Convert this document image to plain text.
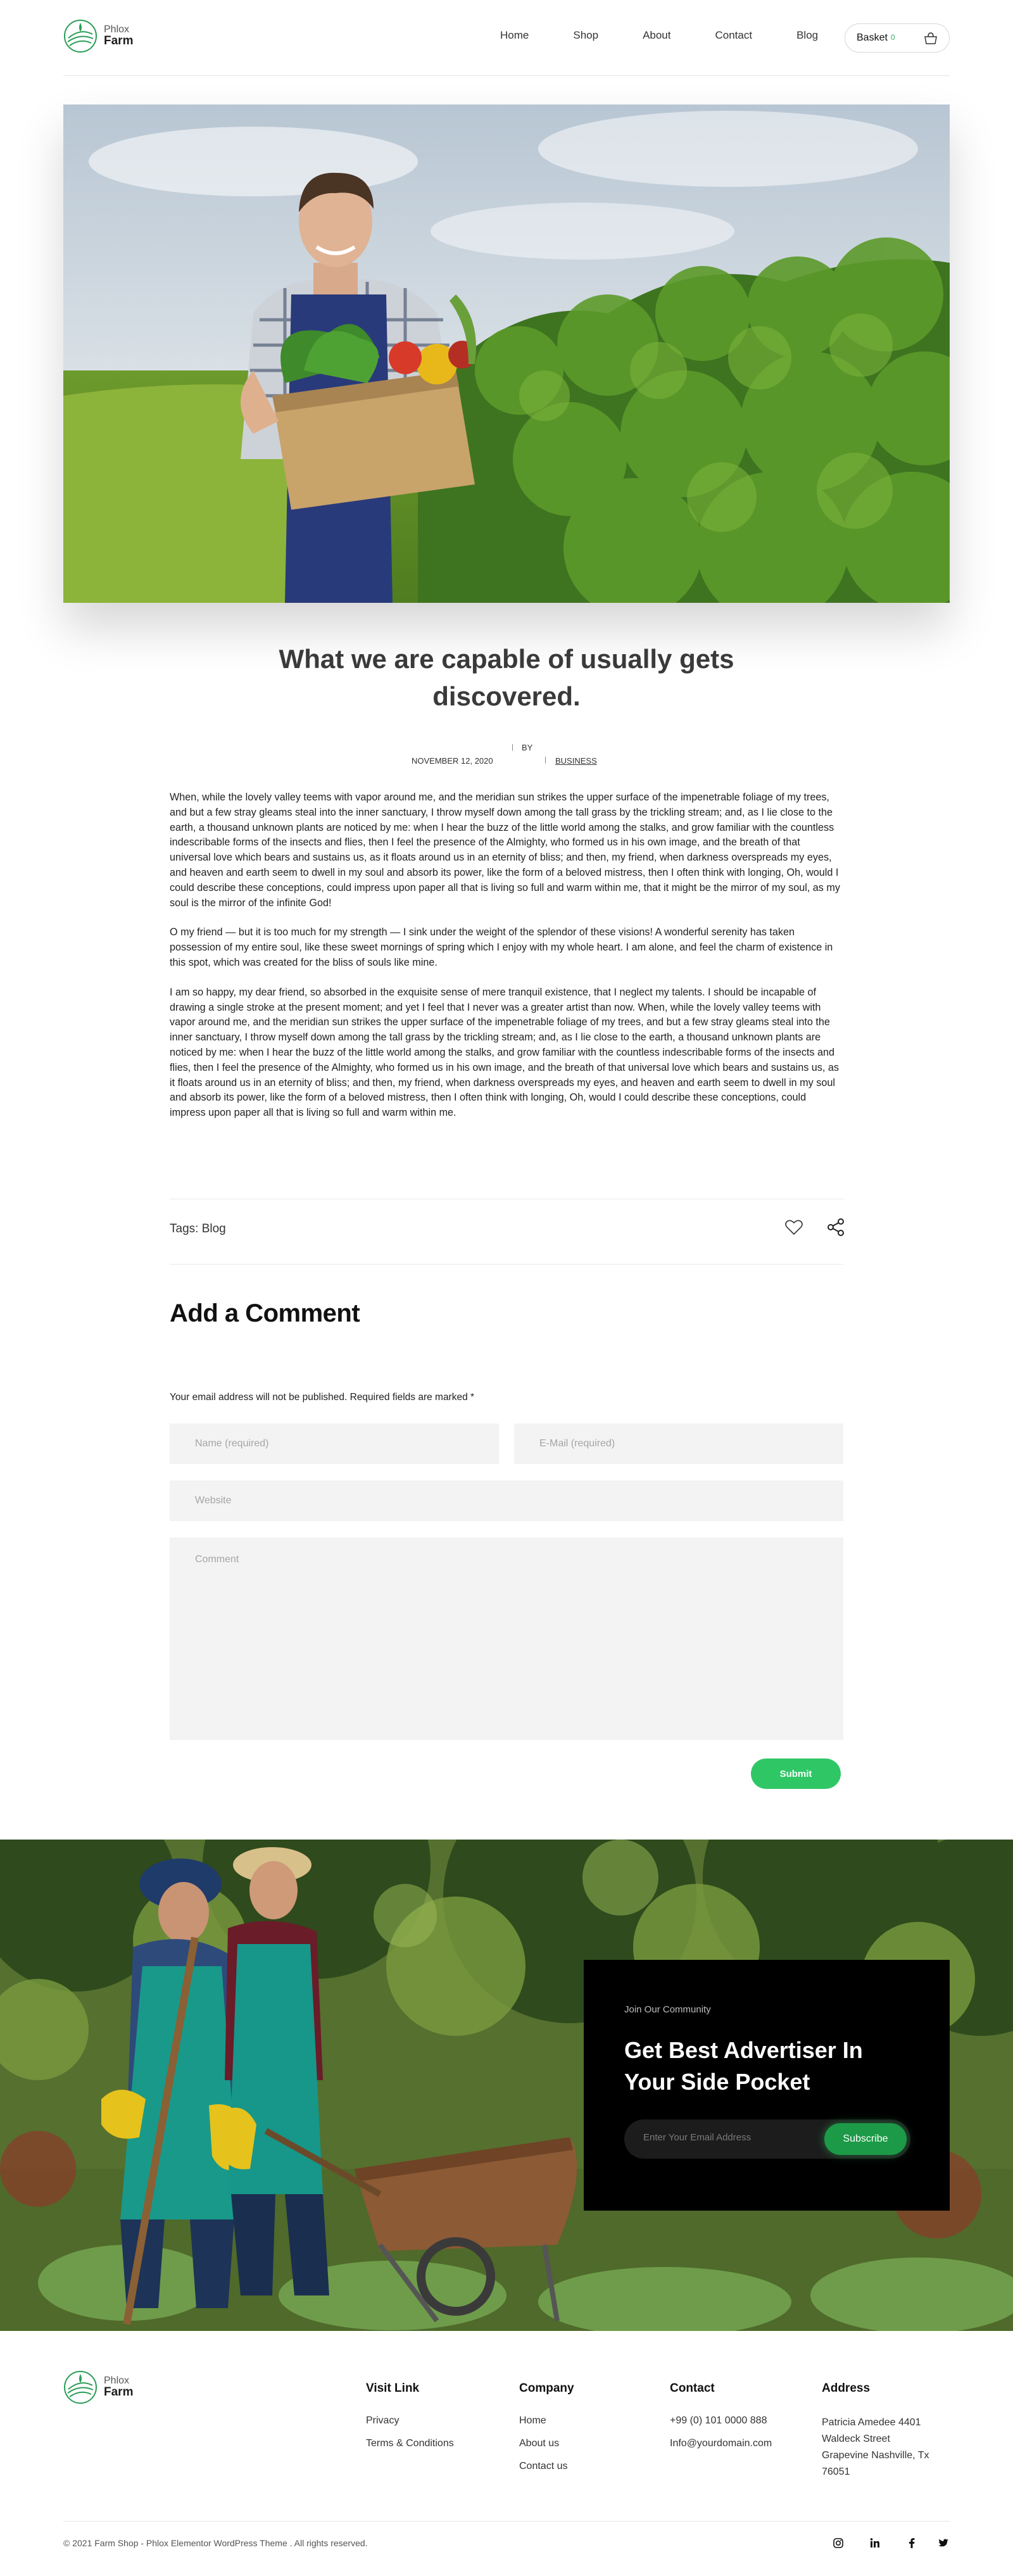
Phlox
Farm	Home	Shop	About	Contact	Blog	Basket 0
What we are capable of usually gets discovered.
| BY
NOVEMBER 12, 2020	| BUSINESS

When, while the lovely valley teems with vapor around me, and the meridian sun strikes the upper surface of the impenetrable foliage of my trees, and but a few stray gleams steal into the inner sanctuary, I throw myself down among the tall grass by the trickling stream; and, as I lie close to the earth, a thousand unknown plants are noticed by me: when I hear the buzz of the little world among the stalks, and grow familiar with the countless indescribable forms of the insects and flies, then I feel the presence of the Almighty, who formed us in his own image, and the breath of that universal love which bears and sustains us, as it floats around us in an eternity of bliss; and then, my friend, when darkness overspreads my eyes, and heaven and earth seem to dwell in my soul and absorb its power, like the form of a beloved mistress, then I often think with longing, Oh, would I could describe these conceptions, could impress upon paper all that is living so full and warm within me, that it might be the mirror of my soul, as my soul is the mirror of the infinite God!

O my friend — but it is too much for my strength — I sink under the weight of the splendor of these visions! A wonderful serenity has taken possession of my entire soul, like these sweet mornings of spring which I enjoy with my whole heart. I am alone, and feel the charm of existence in this spot, which was created for the bliss of souls like mine.

I am so happy, my dear friend, so absorbed in the exquisite sense of mere tranquil existence, that I neglect my talents. I should be incapable of drawing a single stroke at the present moment; and yet I feel that I never was a greater artist than now. When, while the lovely valley teems with vapor around me, and the meridian sun strikes the upper surface of the impenetrable foliage of my trees, and but a few stray gleams steal into the inner sanctuary, I throw myself down among the tall grass by the trickling stream; and, as I lie close to the earth, a thousand unknown plants are noticed by me: when I hear the buzz of the little world among the stalks, and grow familiar with the countless indescribable forms of the insects and flies, then I feel the presence of the Almighty, who formed us in his own image, and the breath of that universal love which bears and sustains us, as it floats around us in an eternity of bliss; and then, my friend, when darkness overspreads my eyes, and heaven and earth seem to dwell in my soul and absorb its power, like the form of a beloved mistress, then I often think with longing, Oh, would I could describe these conceptions, could impress upon paper all that is living so full and warm within me.

Tags: Blog
Add a Comment

Your email address will not be published. Required fields are marked *

Name (required)
E-Mail (required)
Website
Comment
Submit
Join Our Community
Get Best Advertiser In Your Side Pocket
Enter Your Email Address	Subscribe
Phlox
Farm	Visit Link
Privacy
Terms & Conditions
Company
Home
About us
Contact us
Contact
+99 (0) 101 0000 888
Info@yourdomain.com
Address
Patricia Amedee 4401
Waldeck Street
Grapevine Nashville, Tx
76051
© 2021 Farm Shop - Phlox Elementor WordPress Theme . All rights reserved.
